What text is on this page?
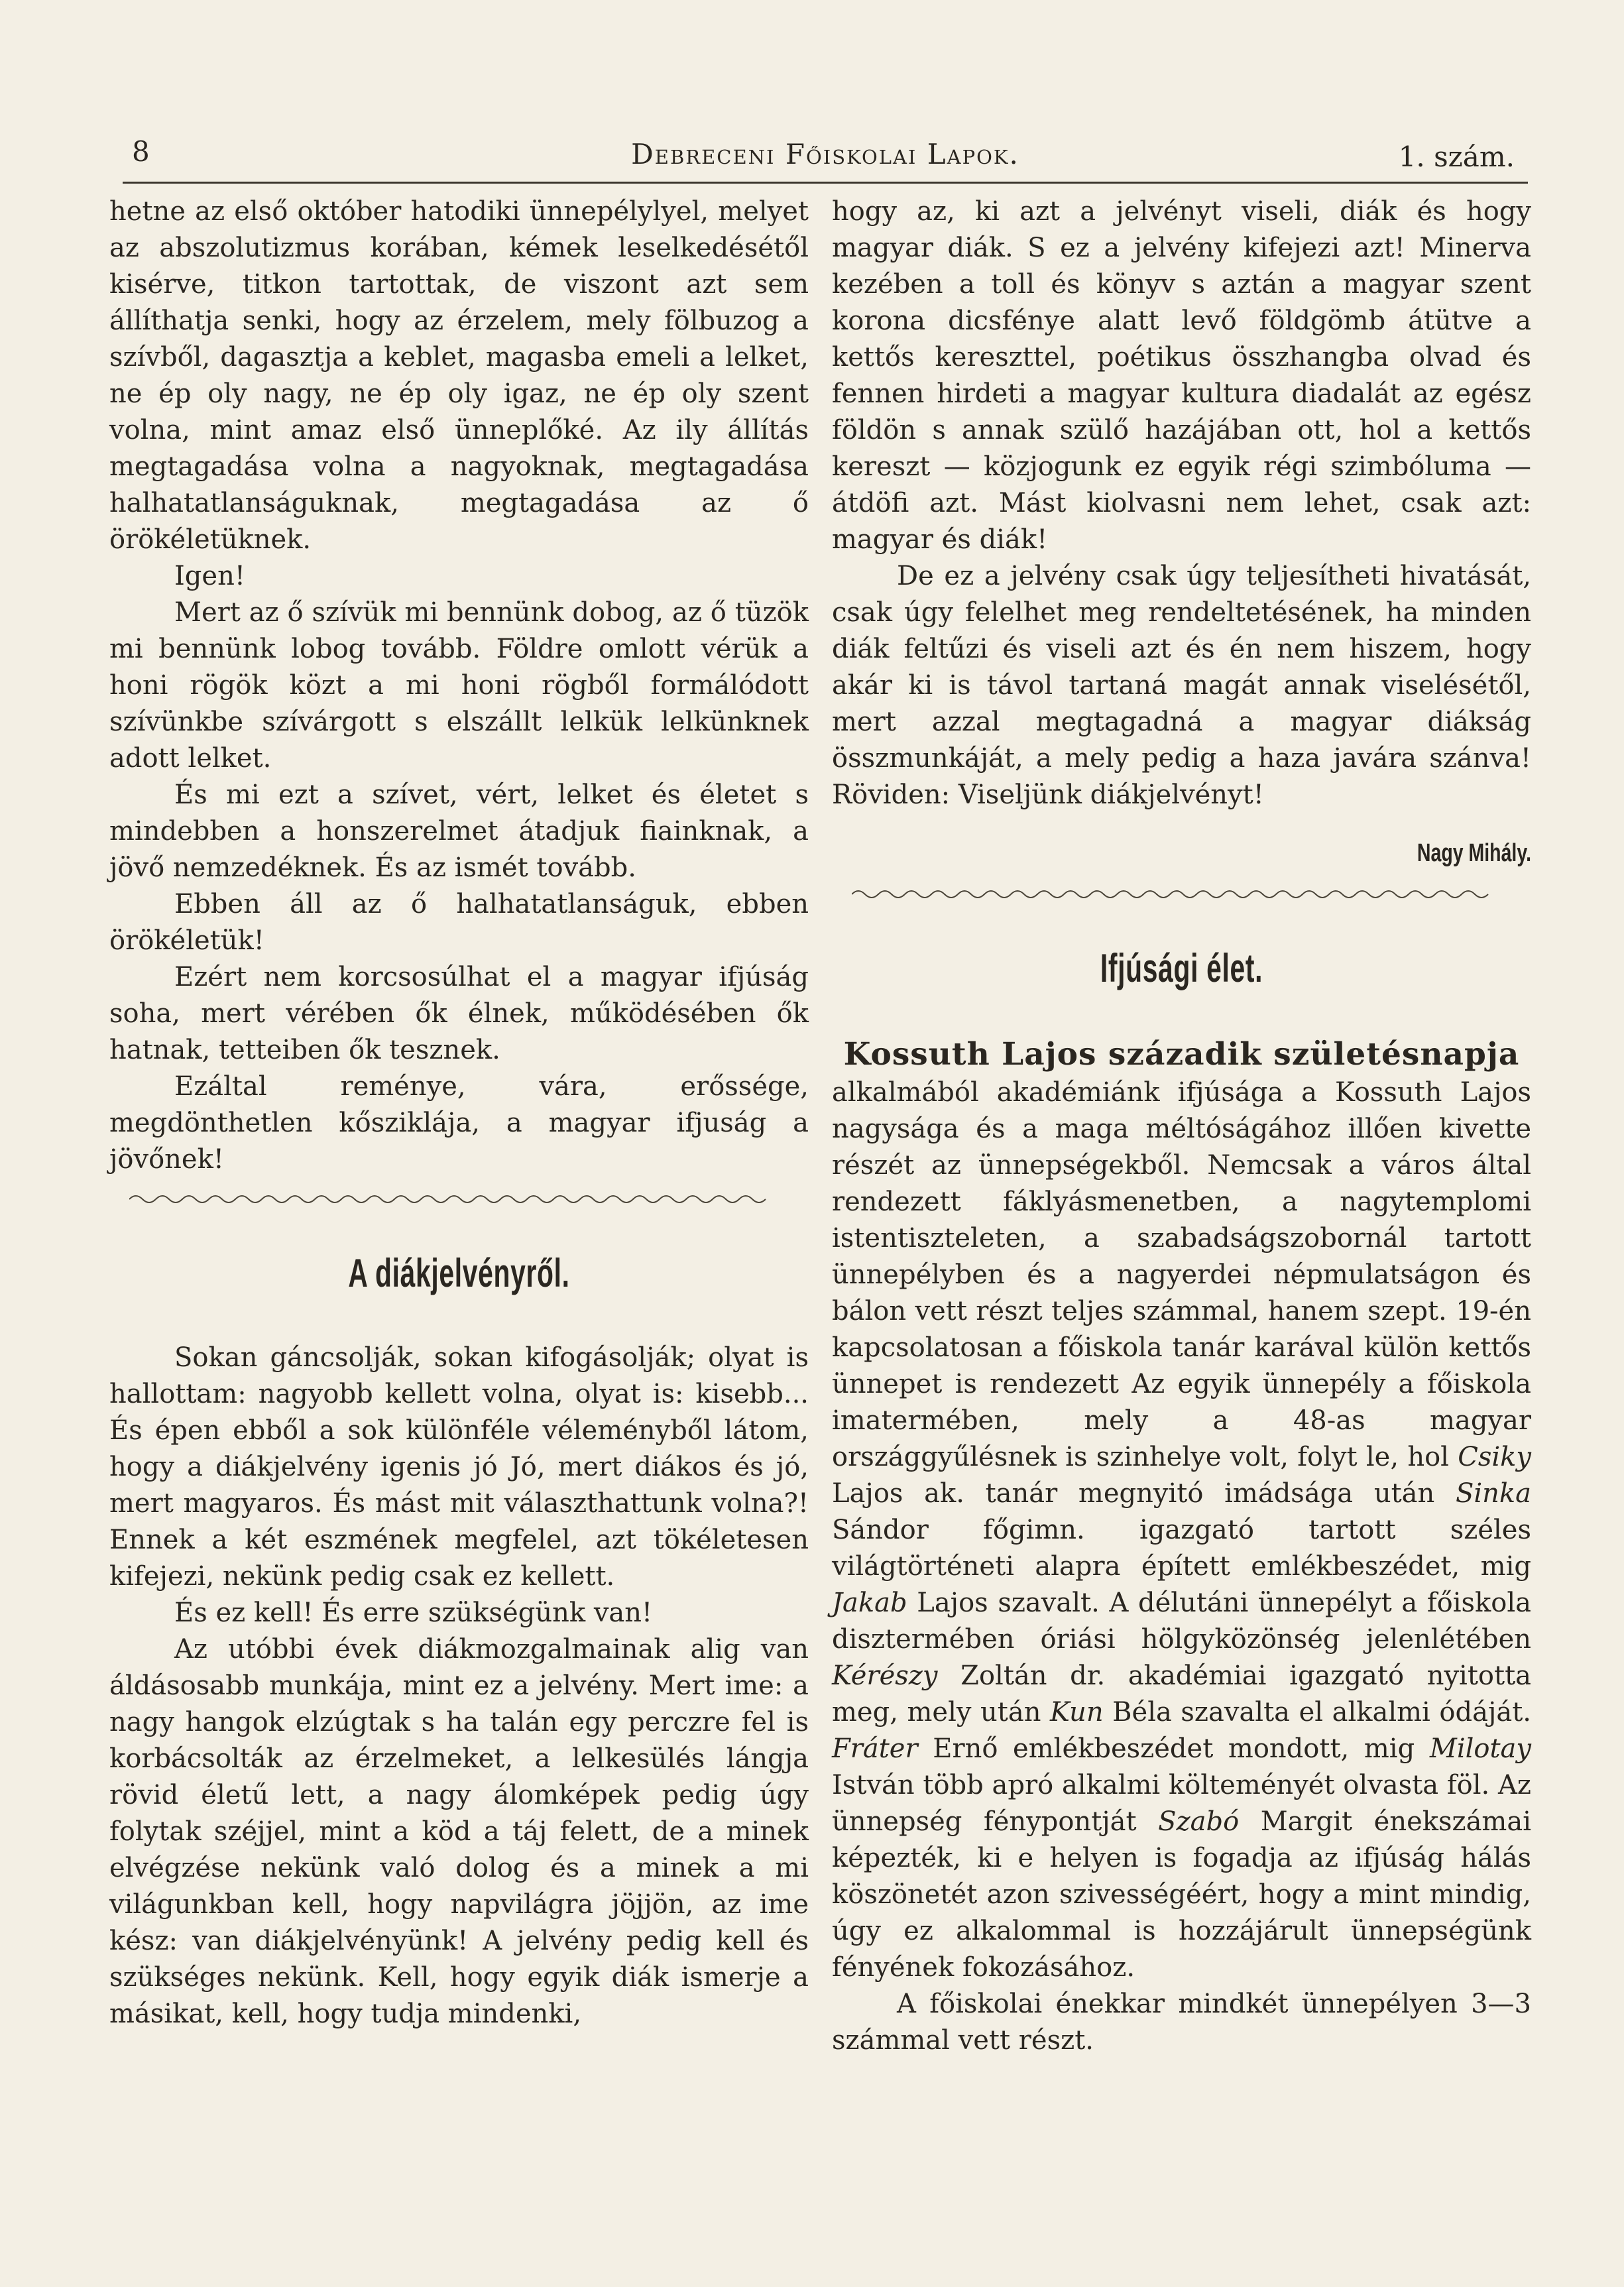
8	Debreceni Főiskolai Lapok.	1. szám.

hetne az első október hatodiki ünnepélylyel, melyet az abszolutizmus korában, kémek leselkedésétől kisérve, titkon tartottak, de viszont azt sem állíthatja senki, hogy az érzelem, mely fölbuzog a szívből, dagasztja a keblet, magasba emeli a lelket, ne ép oly nagy, ne ép oly igaz, ne ép oly szent volna, mint amaz első ünneplőké. Az ily állítás megtagadása volna a nagyoknak, megtagadása halhatatlanságuknak, megtagadása az ő örökéletüknek.

Igen!

Mert az ő szívük mi bennünk dobog, az ő tüzök mi bennünk lobog tovább. Földre omlott vérük a honi rögök közt a mi honi rögből formálódott szívünkbe szívárgott s elszállt lelkük lelkünknek adott lelket.

És mi ezt a szívet, vért, lelket és életet s mindebben a honszerelmet átadjuk fiainknak, a jövő nemzedéknek. És az ismét tovább.

Ebben áll az ő halhatatlanságuk, ebben örökéletük!

Ezért nem korcsosúlhat el a magyar ifjúság soha, mert vérében ők élnek, működésében ők hatnak, tetteiben ők tesznek.

Ezáltal reménye, vára, erőssége, megdönthetlen kősziklája, a magyar ifjuság a jövőnek!

A diákjelvényről.

Sokan gáncsolják, sokan kifogásolják; olyat is hallottam: nagyobb kellett volna, olyat is: kisebb... És épen ebből a sok különféle véleményből látom, hogy a diákjelvény igenis jó Jó, mert diákos és jó, mert magyaros. És mást mit választhattunk volna?! Ennek a két eszmének megfelel, azt tökéletesen kifejezi, nekünk pedig csak ez kellett.

És ez kell! És erre szükségünk van!

Az utóbbi évek diákmozgalmainak alig van áldásosabb munkája, mint ez a jelvény. Mert ime: a nagy hangok elzúgtak s ha talán egy perczre fel is korbácsolták az érzelmeket, a lelkesülés lángja rövid életű lett, a nagy álomképek pedig úgy folytak széjjel, mint a köd a táj felett, de a minek elvégzése nekünk való dolog és a minek a mi világunkban kell, hogy napvilágra jöjjön, az ime kész: van diákjelvényünk! A jelvény pedig kell és szükséges nekünk. Kell, hogy egyik diák ismerje a másikat, kell, hogy tudja mindenki,

hogy az, ki azt a jelvényt viseli, diák és hogy magyar diák. S ez a jelvény kifejezi azt! Minerva kezében a toll és könyv s aztán a magyar szent korona dicsfénye alatt levő földgömb átütve a kettős kereszttel, poétikus összhangba olvad és fennen hirdeti a magyar kultura diadalát az egész földön s annak szülő hazájában ott, hol a kettős kereszt — közjogunk ez egyik régi szimbóluma — átdöfi azt. Mást kiolvasni nem lehet, csak azt: magyar és diák!

De ez a jelvény csak úgy teljesítheti hivatását, csak úgy felelhet meg rendeltetésének, ha minden diák feltűzi és viseli azt és én nem hiszem, hogy akár ki is távol tartaná magát annak viselésétől, mert azzal megtagadná a magyar diákság összmunkáját, a mely pedig a haza javára szánva! Röviden: Viseljünk diákjelvényt!

Nagy Mihály.
Ifjúsági élet.
Kossuth Lajos századik születésnapja

alkalmából akadémiánk ifjúsága a Kossuth Lajos nagysága és a maga méltóságához illően kivette részét az ünnepségekből. Nemcsak a város által rendezett fáklyásmenetben, a nagytemplomi istentiszteleten, a szabadságszobornál tartott ünnepélyben és a nagyerdei népmulatságon és bálon vett részt teljes számmal, hanem szept. 19-én kapcsolatosan a főiskola tanár karával külön kettős ünnepet is rendezett Az egyik ünnepély a főiskola imatermében, mely a 48-as magyar országgyűlésnek is szinhelye volt, folyt le, hol Csiky Lajos ak. tanár megnyitó imádsága után Sinka Sándor főgimn. igazgató tartott széles világtörténeti alapra épített emlékbeszédet, mig Jakab Lajos szavalt. A délutáni ünnepélyt a főiskola disztermében óriási hölgyközönség jelenlétében Kérészy Zoltán dr. akadémiai igazgató nyitotta meg, mely után Kun Béla szavalta el alkalmi ódáját. Fráter Ernő emlékbeszédet mondott, mig Milotay István több apró alkalmi költeményét olvasta föl. Az ünnepség fénypontját Szabó Margit énekszámai képezték, ki e helyen is fogadja az ifjúság hálás köszönetét azon szivességéért, hogy a mint mindig, úgy ez alkalommal is hozzájárult ünnepségünk fényének fokozásához.

A főiskolai énekkar mindkét ünnepélyen 3—3 számmal vett részt.
